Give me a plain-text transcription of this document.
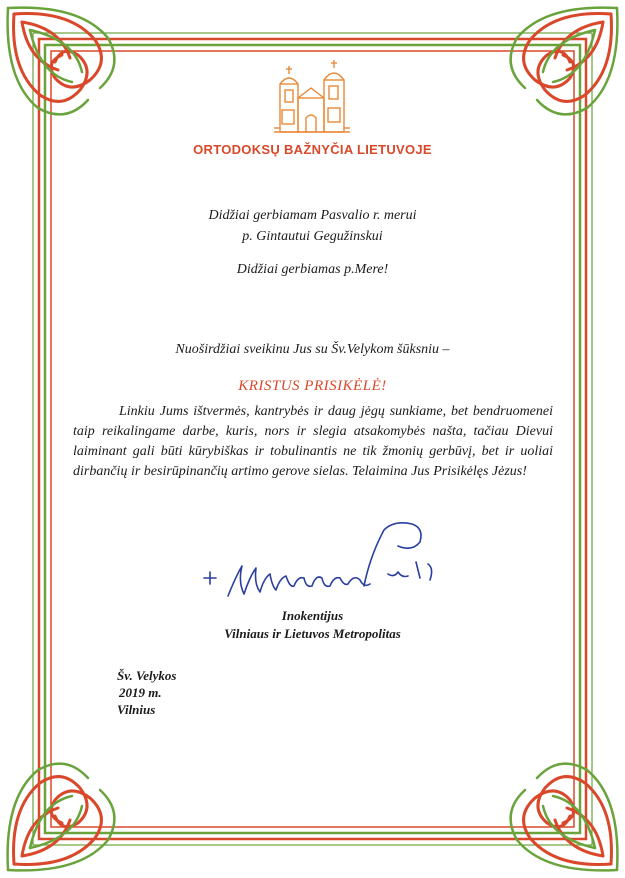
ORTODOKSŲ BAŽNYČIA LIETUVOJE
Didžiai gerbiamam Pasvalio r. merui
p. Gintautui Gegužinskui
Didžiai gerbiamas p.Mere!
Nuoširdžiai sveikinu Jus su Šv.Velykom šūksniu –
KRISTUS PRISIKĖLĖ!
Linkiu Jums ištvermės, kantrybės ir daug jėgų sunkiame, bet bendruomenei
taip reikalingame darbe, kuris, nors ir slegia atsakomybės našta, tačiau Dievui
laiminant gali būti kūrybiškas ir tobulinantis ne tik žmonių gerbūvį, bet ir uoliai
dirbančių ir besirūpinančių artimo gerove sielas. Telaimina Jus Prisikėlęs Jėzus!
Inokentijus
Vilniaus ir Lietuvos Metropolitas
Šv. Velykos
2019 m.
Vilnius
